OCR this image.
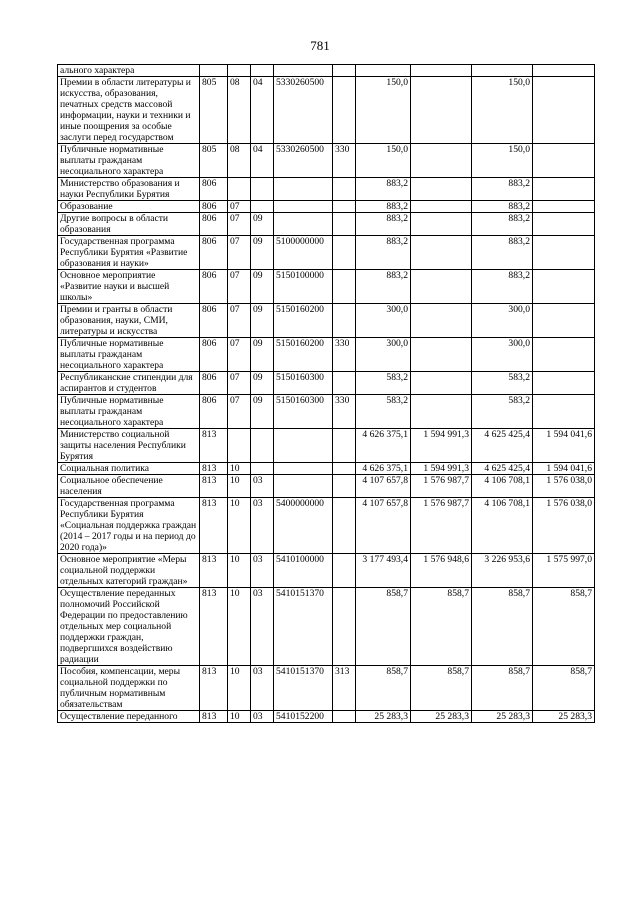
781
ального характера									
Премии в области литературы и искусства, образования, печатных средств массовой информации, науки и техники и иные поощрения за особые заслуги перед государством	805	08	04	5330260500		150,0		150,0	
Публичные нормативные выплаты гражданам несоциального характера	805	08	04	5330260500	330	150,0		150,0	
Министерство образования и науки Республики Бурятия	806					883,2		883,2	
Образование	806	07				883,2		883,2	
Другие вопросы в области образования	806	07	09			883,2		883,2	
Государственная программа Республики Бурятия «Развитие образования и науки»	806	07	09	5100000000		883,2		883,2	
Основное мероприятие «Развитие науки и высшей школы»	806	07	09	5150100000		883,2		883,2	
Премии и гранты в области образования, науки, СМИ, литературы и искусства	806	07	09	5150160200		300,0		300,0	
Публичные нормативные выплаты гражданам несоциального характера	806	07	09	5150160200	330	300,0		300,0	
Республиканские стипендии для аспирантов и студентов	806	07	09	5150160300		583,2		583,2	
Публичные нормативные выплаты гражданам несоциального характера	806	07	09	5150160300	330	583,2		583,2	
Министерство социальной защиты населения Республики Бурятия	813					4 626 375,1	1 594 991,3	4 625 425,4	1 594 041,6
Социальная политика	813	10				4 626 375,1	1 594 991,3	4 625 425,4	1 594 041,6
Социальное обеспечение населения	813	10	03			4 107 657,8	1 576 987,7	4 106 708,1	1 576 038,0
Государственная программа Республики Бурятия «Социальная поддержка граждан (2014 – 2017 годы и на период до 2020 года)»	813	10	03	5400000000		4 107 657,8	1 576 987,7	4 106 708,1	1 576 038,0
Основное мероприятие «Меры социальной поддержки отдельных категорий граждан»	813	10	03	5410100000		3 177 493,4	1 576 948,6	3 226 953,6	1 575 997,0
Осуществление переданных полномочий Российской Федерации по предоставлению отдельных мер социальной поддержки граждан, подвергшихся воздействию радиации	813	10	03	5410151370		858,7	858,7	858,7	858,7
Пособия, компенсации, меры социальной поддержки по публичным нормативным обязательствам	813	10	03	5410151370	313	858,7	858,7	858,7	858,7
Осуществление переданного	813	10	03	5410152200		25 283,3	25 283,3	25 283,3	25 283,3
